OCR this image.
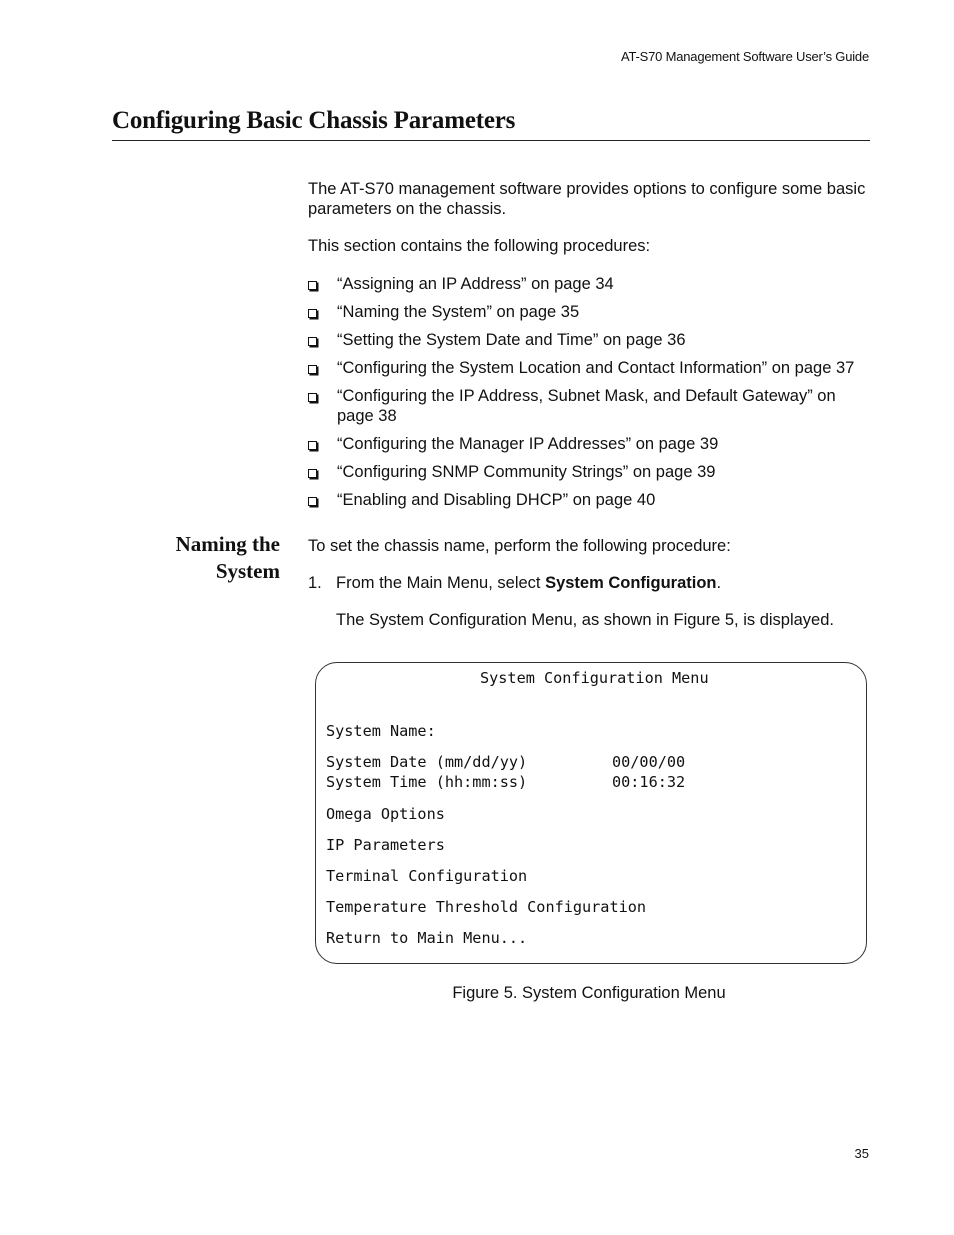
AT-S70 Management Software User’s Guide
Configuring Basic Chassis Parameters
The AT-S70 management software provides options to configure some basic parameters on the chassis.
This section contains the following procedures:
“Assigning an IP Address” on page 34
“Naming the System” on page 35
“Setting the System Date and Time” on page 36
“Configuring the System Location and Contact Information” on page 37
“Configuring the IP Address, Subnet Mask, and Default Gateway” on page 38
“Configuring the Manager IP Addresses” on page 39
“Configuring SNMP Community Strings” on page 39
“Enabling and Disabling DHCP” on page 40
Naming the
System
To set the chassis name, perform the following procedure:
1. From the Main Menu, select System Configuration.
The System Configuration Menu, as shown in Figure 5, is displayed.
System Configuration Menu
System Name:
System Date (mm/dd/yy)	00/00/00
System Time (hh:mm:ss)	00:16:32
Omega Options
IP Parameters
Terminal Configuration
Temperature Threshold Configuration
Return to Main Menu...
Figure 5. System Configuration Menu
35
